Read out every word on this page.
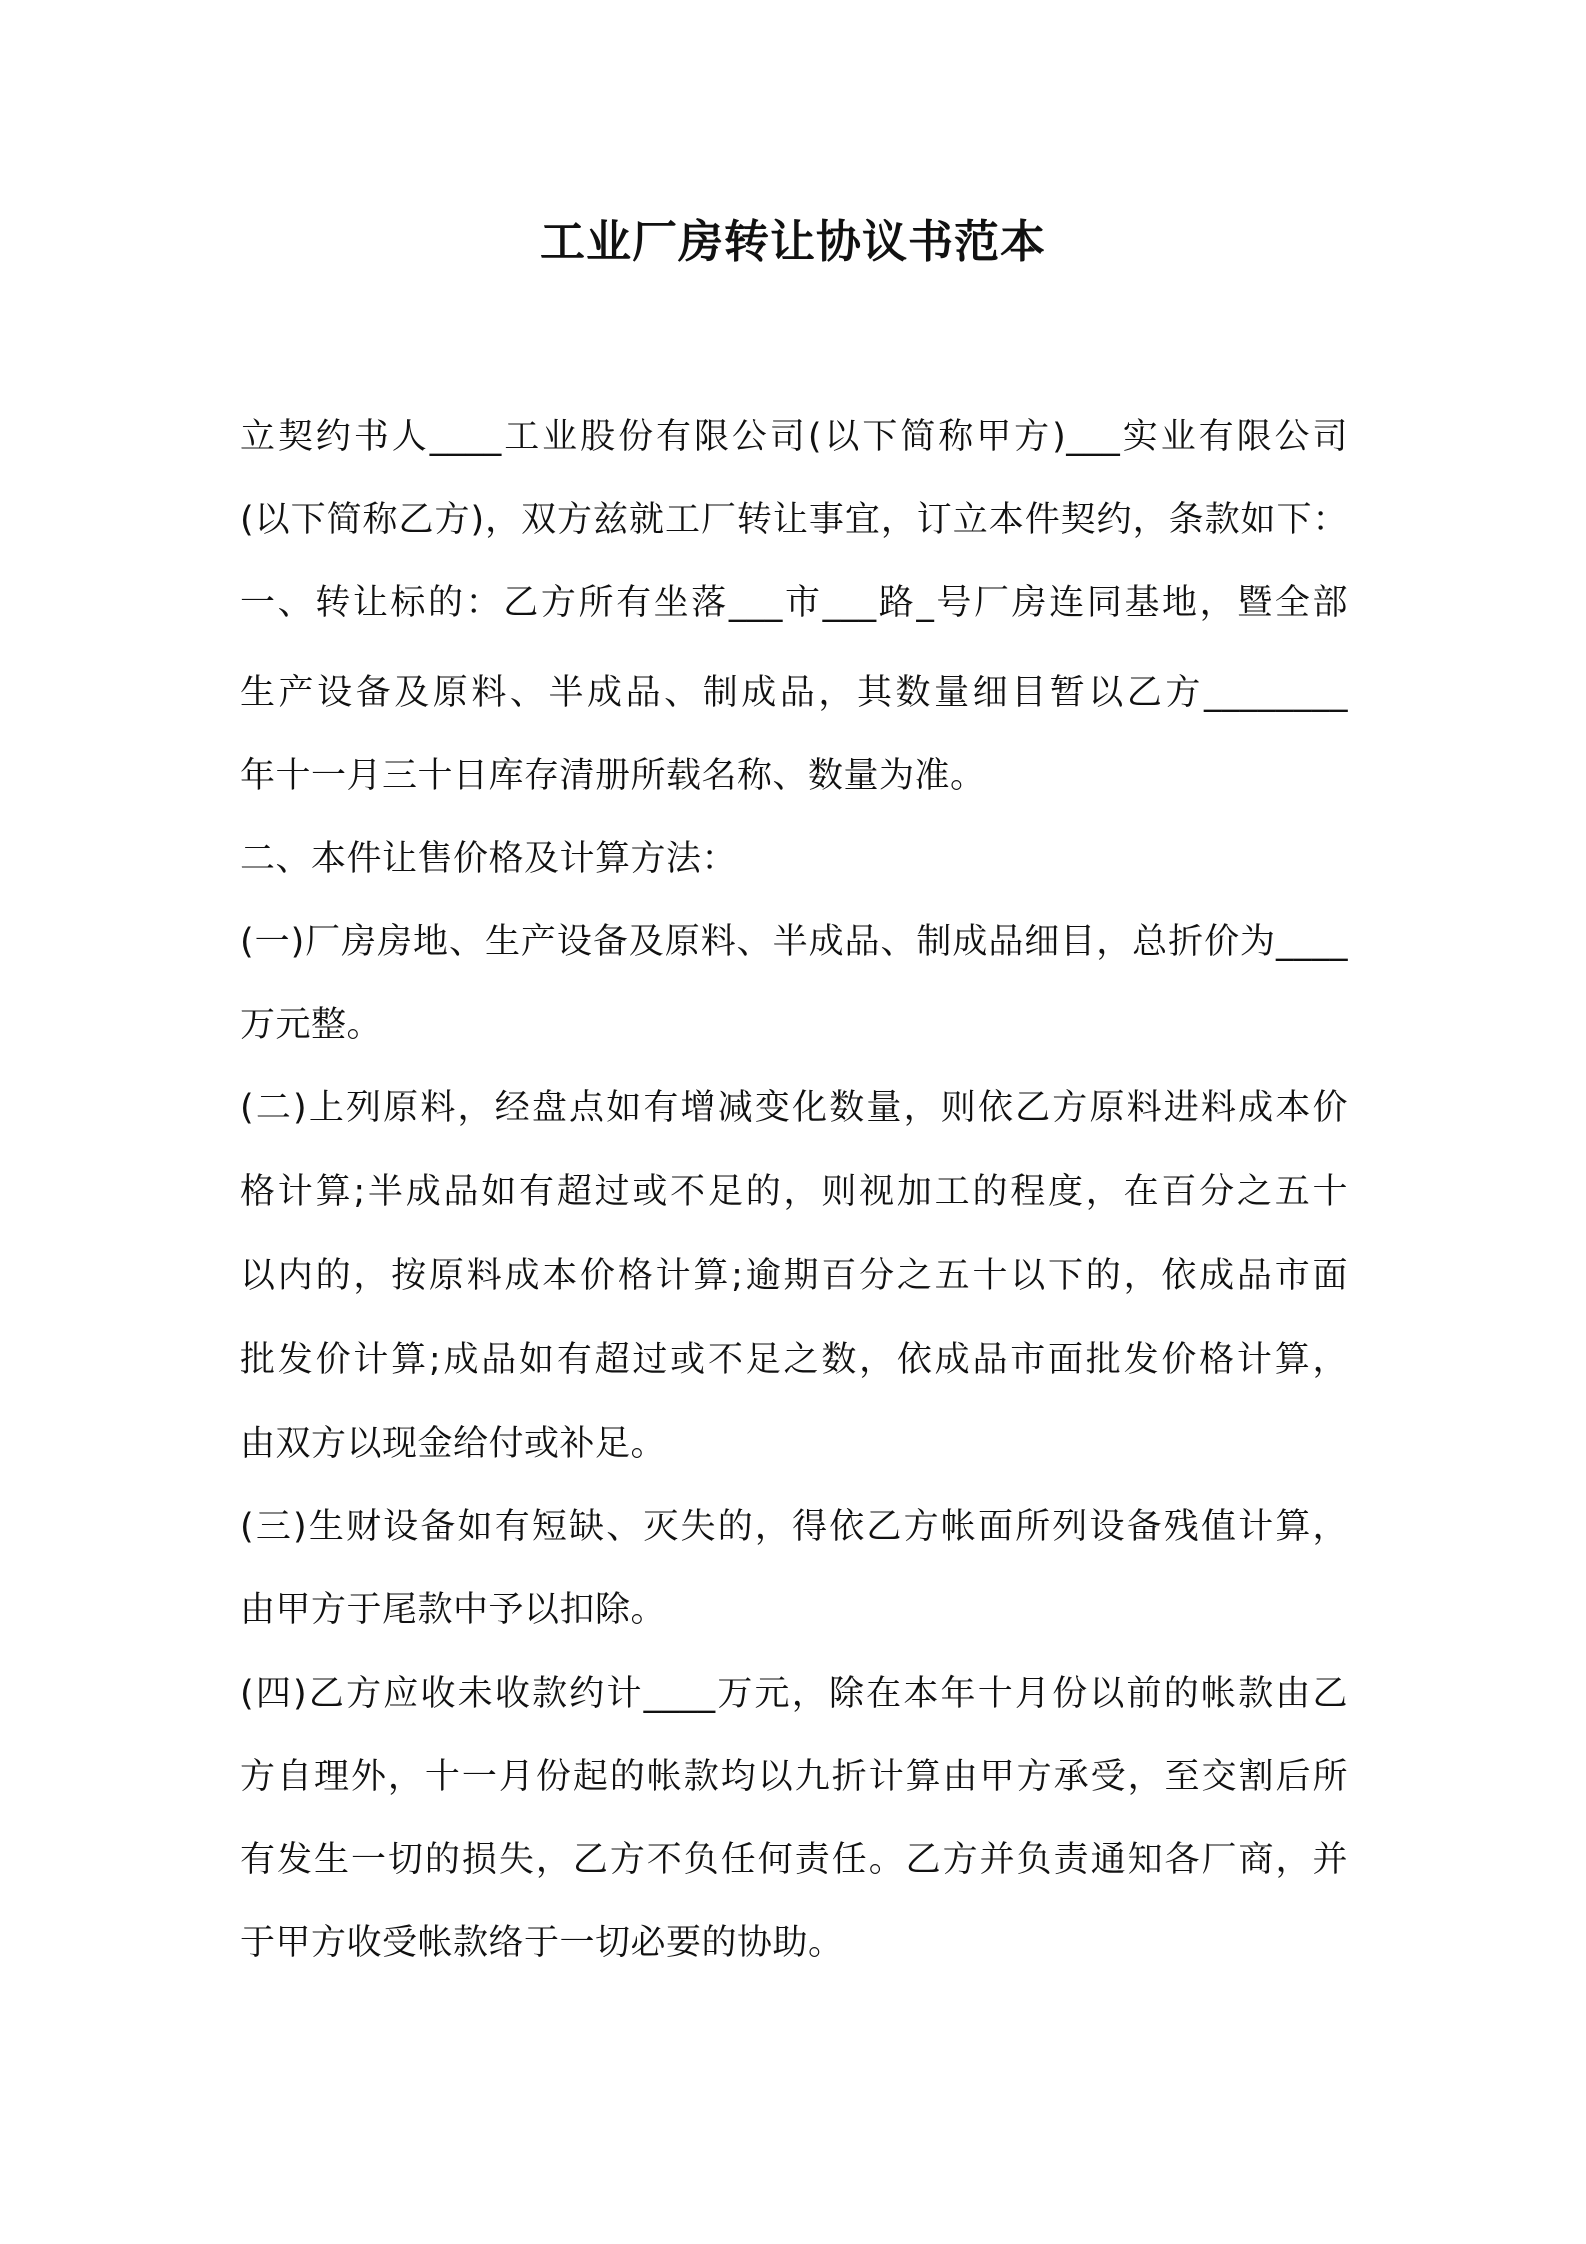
工业厂房转让协议书范本
立契约书人____工业股份有限公司(以下简称甲方)___实业有限公司
(以下简称乙方)，双方兹就工厂转让事宜，订立本件契约，条款如下：
一、转让标的：乙方所有坐落___市___路_号厂房连同基地，暨全部
生产设备及原料、半成品、制成品，其数量细目暂以乙方________
年十一月三十日库存清册所载名称、数量为准。
二、本件让售价格及计算方法：
(一)厂房房地、生产设备及原料、半成品、制成品细目，总折价为____
万元整。
(二)上列原料，经盘点如有增减变化数量，则依乙方原料进料成本价
格计算;半成品如有超过或不足的，则视加工的程度，在百分之五十
以内的，按原料成本价格计算;逾期百分之五十以下的，依成品市面
批发价计算;成品如有超过或不足之数，依成品市面批发价格计算，
由双方以现金给付或补足。
(三)生财设备如有短缺、灭失的，得依乙方帐面所列设备残值计算，
由甲方于尾款中予以扣除。
(四)乙方应收未收款约计____万元，除在本年十月份以前的帐款由乙
方自理外，十一月份起的帐款均以九折计算由甲方承受，至交割后所
有发生一切的损失，乙方不负任何责任。乙方并负责通知各厂商，并
于甲方收受帐款络于一切必要的协助。
